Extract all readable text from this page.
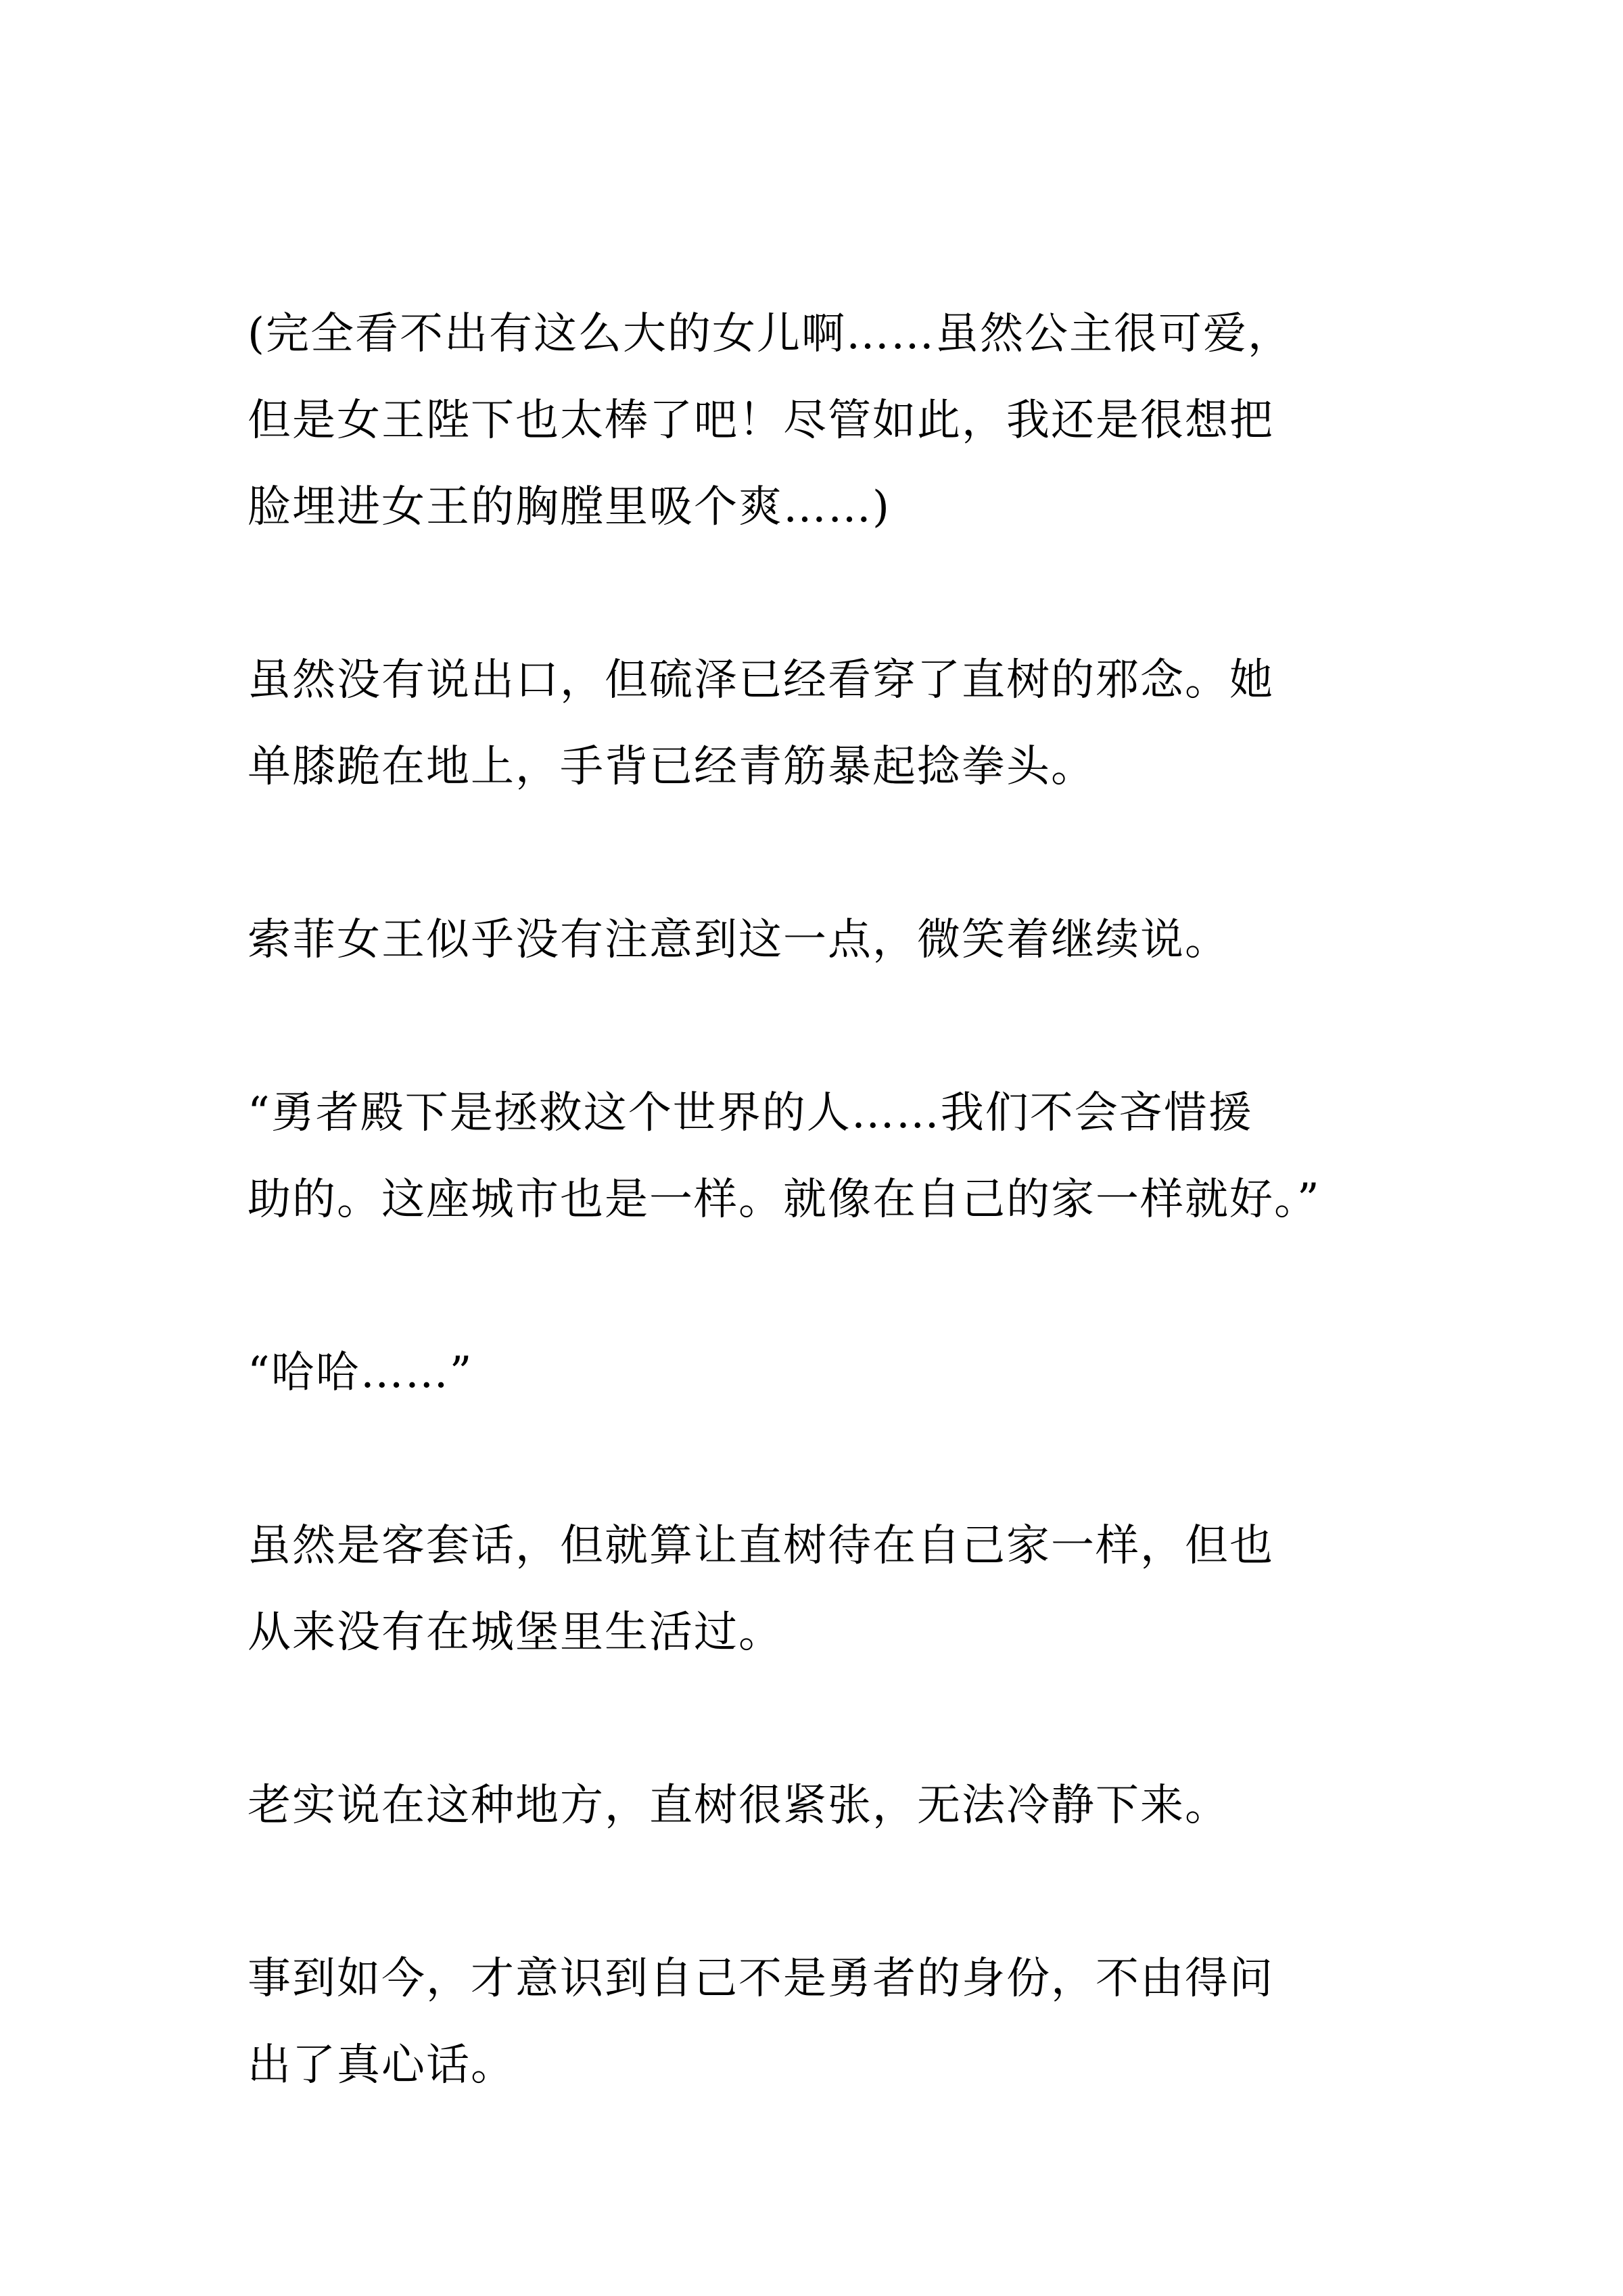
(完全看不出有这么大的女儿啊……虽然公主很可爱，
但是女王陛下也太棒了吧！尽管如此，我还是很想把
脸埋进女王的胸膛里吸个爽……)

虽然没有说出口，但硫泽已经看穿了直树的邪念。她
单膝跪在地上，手背已经青筋暴起捻拳头。

索菲女王似乎没有注意到这一点，微笑着继续说。

“勇者殿下是拯救这个世界的人……我们不会吝惜援
助的。这座城市也是一样。就像在自己的家一样就好。”

“哈哈……”

虽然是客套话，但就算让直树待在自己家一样，但也
从来没有在城堡里生活过。

老实说在这种地方，直树很紧张，无法冷静下来。

事到如今，才意识到自己不是勇者的身份，不由得问
出了真心话。
